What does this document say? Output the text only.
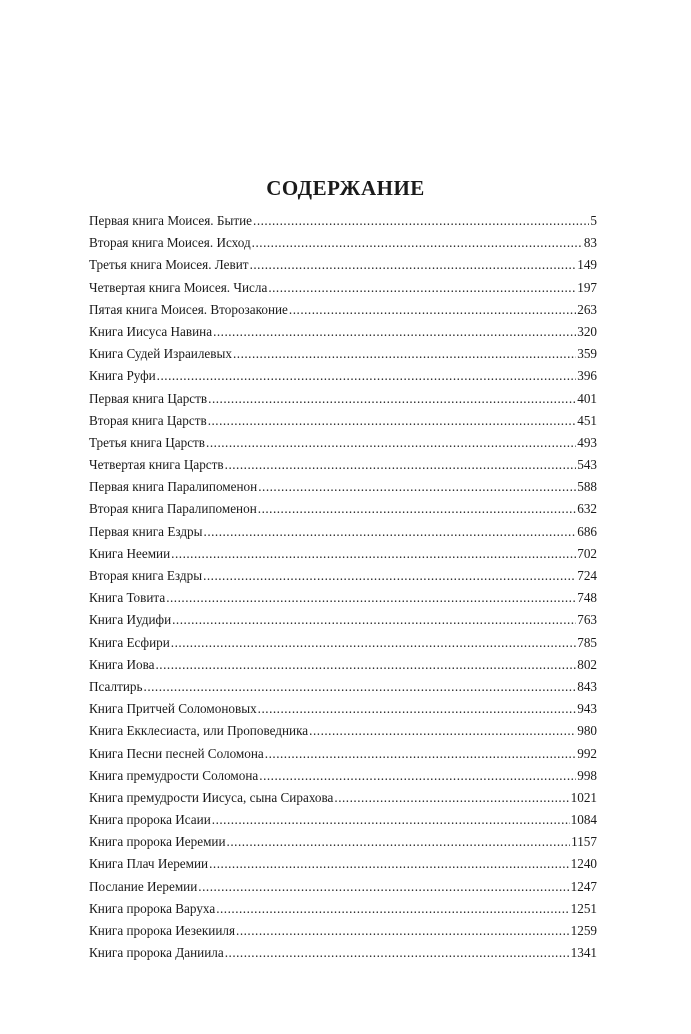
СОДЕРЖАНИЕ
Первая книга Моисея. Бытие .....	5
Вторая книга Моисея. Исход .....	83
Третья книга Моисея. Левит .....	149
Четвертая книга Моисея. Числа .....	197
Пятая книга Моисея. Второзаконие .....	263
Книга Иисуса Навина .....	320
Книга Судей Израилевых .....	359
Книга Руфи .....	396
Первая книга Царств .....	401
Вторая книга Царств .....	451
Третья книга Царств .....	493
Четвертая книга Царств .....	543
Первая книга Паралипоменон .....	588
Вторая книга Паралипоменон .....	632
Первая книга Ездры .....	686
Книга Неемии .....	702
Вторая книга Ездры .....	724
Книга Товита .....	748
Книга Иудифи .....	763
Книга Есфири .....	785
Книга Иова .....	802
Псалтирь .....	843
Книга Притчей Соломоновых .....	943
Книга Екклесиаста, или Проповедника .....	980
Книга Песни песней Соломона .....	992
Книга премудрости Соломона .....	998
Книга премудрости Иисуса, сына Сирахова .....	1021
Книга пророка Исаии .....	1084
Книга пророка Иеремии .....	1157
Книга Плач Иеремии .....	1240
Послание Иеремии .....	1247
Книга пророка Варуха .....	1251
Книга пророка Иезекииля .....	1259
Книга пророка Даниила .....	1341
